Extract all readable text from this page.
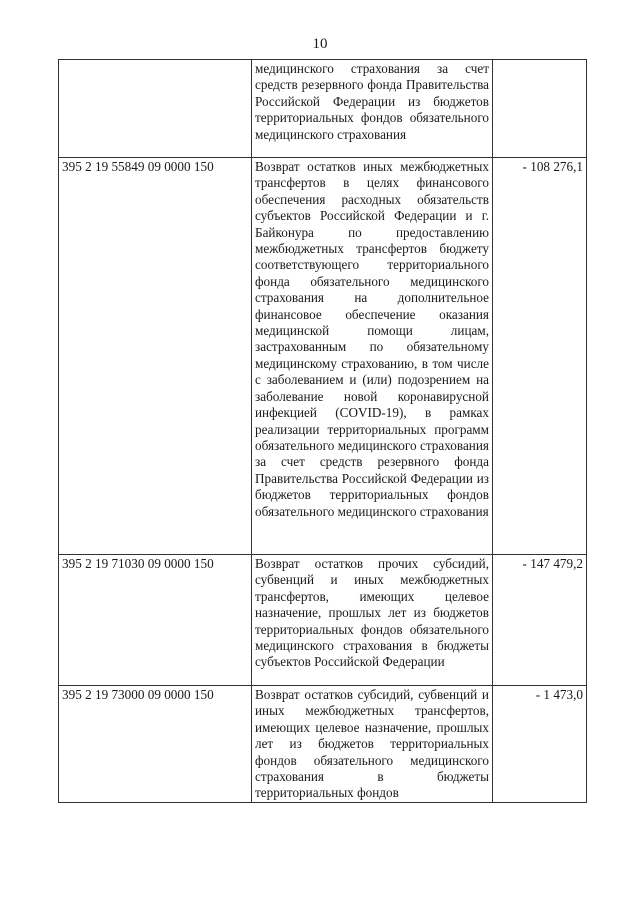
10
	медицинского страхования за счет средств резервного фонда Правительства Российской Федерации из бюджетов территориальных фондов обязательного медицинского страхования	
395 2 19 55849 09 0000 150	Возврат остатков иных межбюджетных трансфертов в целях финансового обеспечения расходных обязательств субъектов Российской Федерации и г. Байконура по предоставлению межбюджетных трансфертов бюджету соответствующего территориального фонда обязательного медицинского страхования на дополнительное финансовое обеспечение оказания медицинской помощи лицам, застрахованным по обязательному медицинскому страхованию, в том числе с заболеванием и (или) подозрением на заболевание новой коронавирусной инфекцией (COVID-19), в рамках реализации территориальных программ обязательного медицинского страхования за счет средств резервного фонда Правительства Российской Федерации из бюджетов территориальных фондов обязательного медицинского страхования	- 108 276,1
395 2 19 71030 09 0000 150	Возврат остатков прочих субсидий, субвенций и иных межбюджетных трансфертов, имеющих целевое назначение, прошлых лет из бюджетов территориальных фондов обязательного медицинского страхования в бюджеты субъектов Российской Федерации	- 147 479,2
395 2 19 73000 09 0000 150	Возврат остатков субсидий, субвенций и иных межбюджетных трансфертов, имеющих целевое назначение, прошлых лет из бюджетов территориальных фондов обязательного медицинского страхования в бюджеты территориальных фондов	- 1 473,0
